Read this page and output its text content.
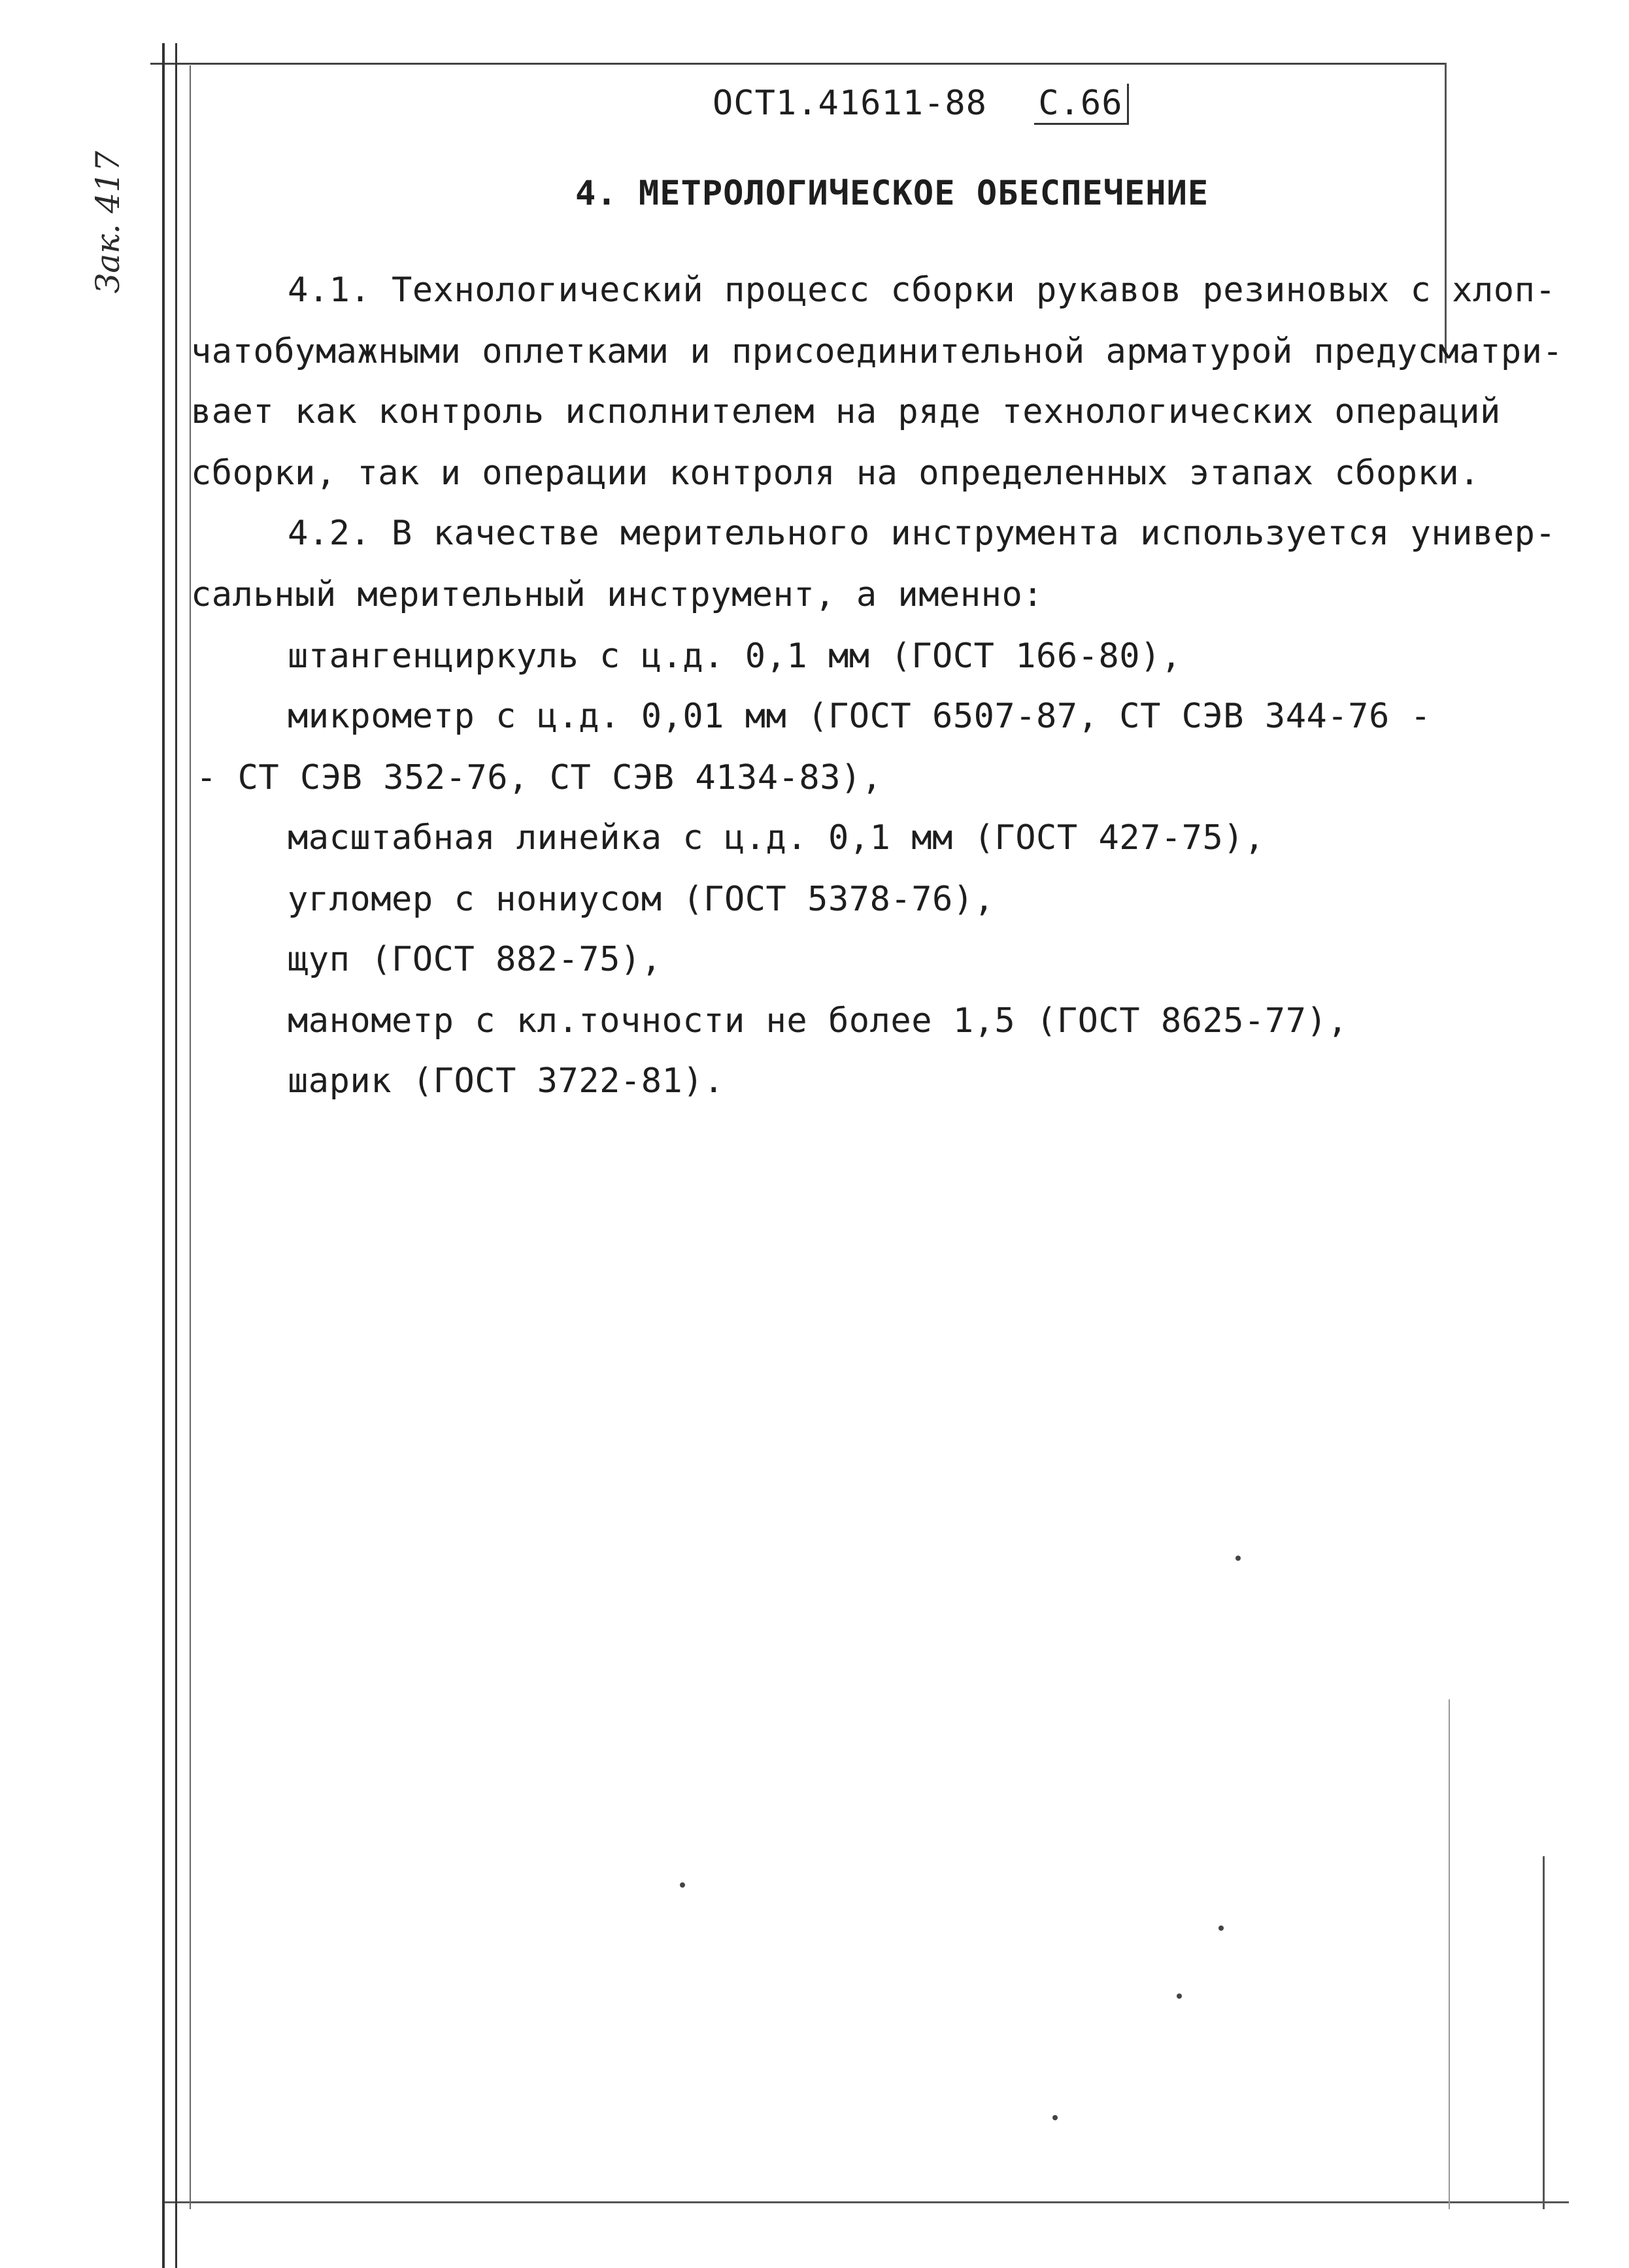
ОСТ1.41611-88 С.66
Зак. 417	4. МЕТРОЛОГИЧЕСКОЕ ОБЕСПЕЧЕНИЕ
4.1. Технологический процесс сборки рукавов резиновых с хлоп-
чатобумажными оплетками и присоединительной арматурой предусматри-
вает как контроль исполнителем на ряде технологических операций
сборки, так и операции контроля на определенных этапах сборки.
4.2. В качестве мерительного инструмента используется универ-
сальный мерительный инструмент, а именно:
штангенциркуль с ц.д. 0,1 мм (ГОСТ 166-80),
микрометр с ц.д. 0,01 мм (ГОСТ 6507-87, СТ СЭВ 344-76 -
- СТ СЭВ 352-76, СТ СЭВ 4134-83),
масштабная линейка с ц.д. 0,1 мм (ГОСТ 427-75),
угломер с нониусом (ГОСТ 5378-76),
щуп (ГОСТ 882-75),
манометр с кл.точности не более 1,5 (ГОСТ 8625-77),
шарик (ГОСТ 3722-81).
